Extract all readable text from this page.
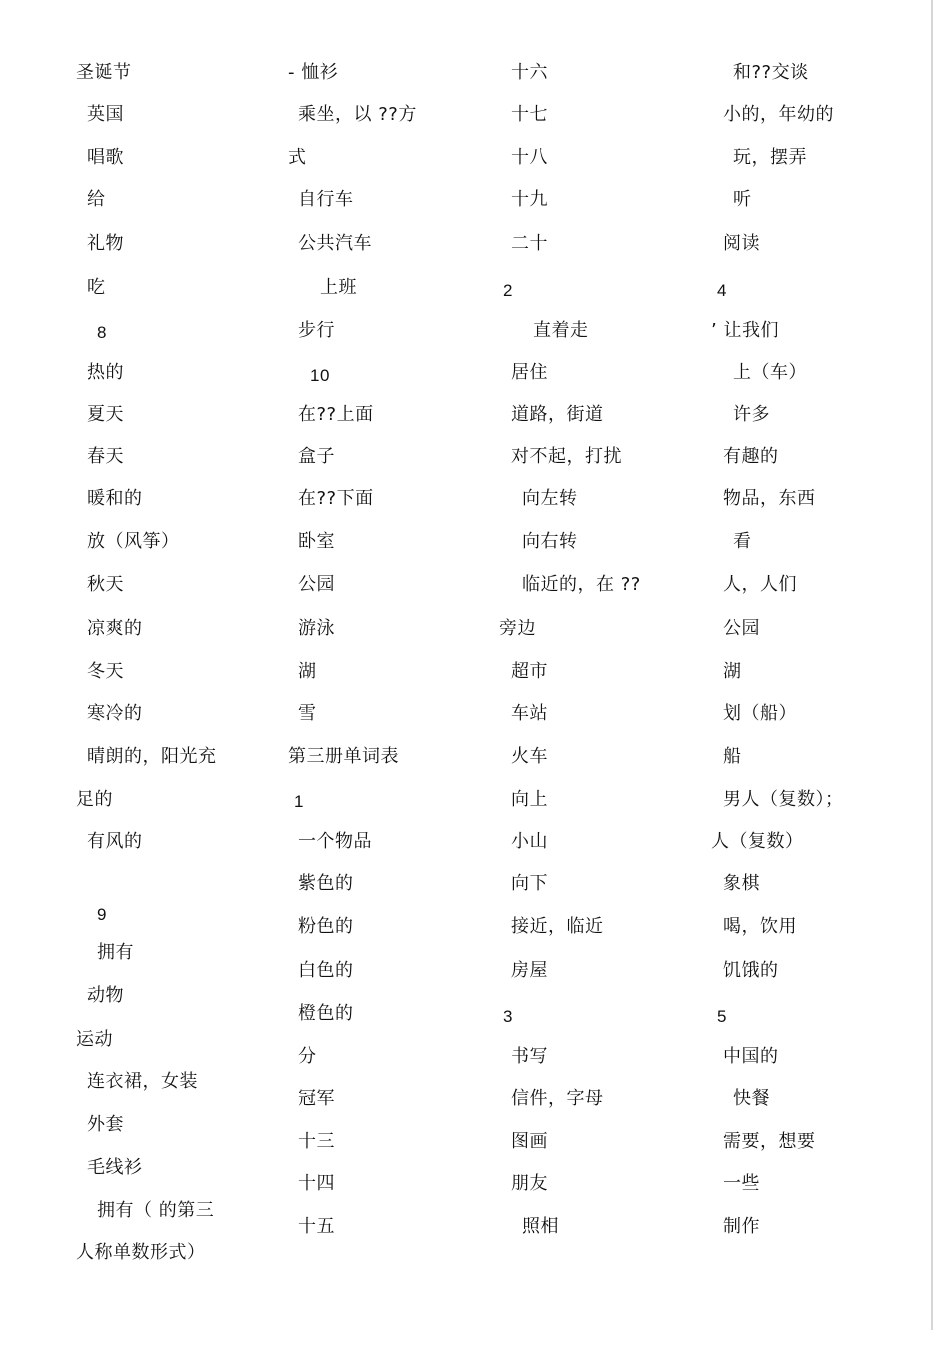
圣诞节
英国
唱歌
给
礼物
吃
8
热的
夏天
春天
暖和的
放（风筝）
秋天
凉爽的
冬天
寒冷的
晴朗的，阳光充
足的
有风的
9
拥有
动物
运动
连衣裙，女装
外套
毛线衫
拥有（ 的第三
人称单数形式）
- 恤衫
乘坐，以 ??方
式
自行车
公共汽车
上班
步行
10
在??上面
盒子
在??下面
卧室
公园
游泳
湖
雪
第三册单词表
1
一个物品
紫色的
粉色的
白色的
橙色的
分
冠军
十三
十四
十五
十六
十七
十八
十九
二十
2
直着走
居住
道路，街道
对不起，打扰
向左转
向右转
临近的，在 ??
旁边
超市
车站
火车
向上
小山
向下
接近，临近
房屋
3
书写
信件，字母
图画
朋友
照相
和??交谈
小的，年幼的
玩，摆弄
听
阅读
4
’ 让我们
上（车）
许多
有趣的
物品，东西
看
人，人们
公园
湖
划（船）
船
男人（复数）；
人（复数）
象棋
喝，饮用
饥饿的
5
中国的
快餐
需要，想要
一些
制作
